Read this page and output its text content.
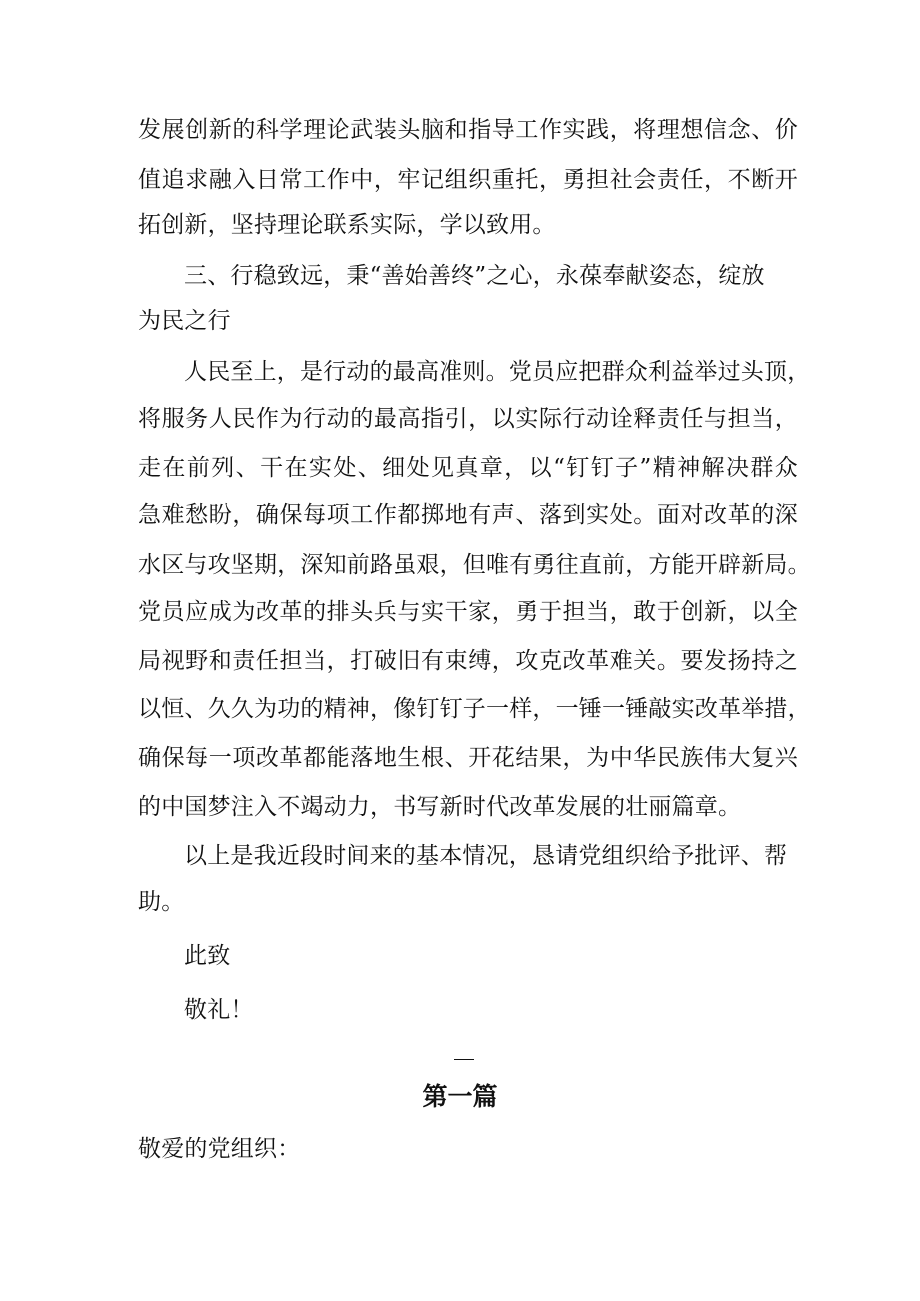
发展创新的科学理论武装头脑和指导工作实践，将理想信念、价
值追求融入日常工作中，牢记组织重托，勇担社会责任，不断开
拓创新，坚持理论联系实际，学以致用。
三、行稳致远，秉“善始善终”之心，永葆奉献姿态，绽放
为民之行
人民至上，是行动的最高准则。党员应把群众利益举过头顶，
将服务人民作为行动的最高指引，以实际行动诠释责任与担当，
走在前列、干在实处、细处见真章，以“钉钉子”精神解决群众
急难愁盼，确保每项工作都掷地有声、落到实处。面对改革的深
水区与攻坚期，深知前路虽艰，但唯有勇往直前，方能开辟新局。
党员应成为改革的排头兵与实干家，勇于担当，敢于创新，以全
局视野和责任担当，打破旧有束缚，攻克改革难关。要发扬持之
以恒、久久为功的精神，像钉钉子一样，一锤一锤敲实改革举措，
确保每一项改革都能落地生根、开花结果，为中华民族伟大复兴
的中国梦注入不竭动力，书写新时代改革发展的壮丽篇章。
以上是我近段时间来的基本情况，恳请党组织给予批评、帮
助。
此致
敬礼！
第一篇
敬爱的党组织：
